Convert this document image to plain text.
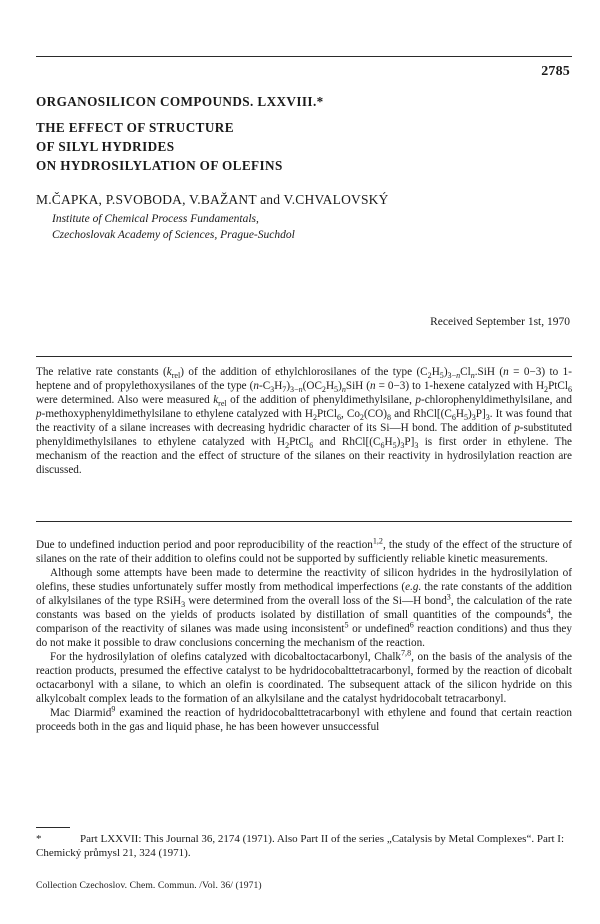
2785
ORGANOSILICON COMPOUNDS. LXXVIII.*
THE EFFECT OF STRUCTURE
OF SILYL HYDRIDES
ON HYDROSILYLATION OF OLEFINS
M.ČAPKA, P.SVOBODA, V.BAŽANT and V.CHVALOVSKÝ
Institute of Chemical Process Fundamentals,
Czechoslovak Academy of Sciences, Prague-Suchdol
Received September 1st, 1970

The relative rate constants $(k_{rel})$ of the addition of ethylchlorosilanes of the type $(C_2H_5)_{3-n}Cl_n.SiH$ (n = 0−3) to 1-heptene and of propylethoxysilanes of the type $(n-C_3H_7)_{3-n}(OC_2H_5)_nSiH$ (n = 0−3) to 1-hexene catalyzed with $H_2PtCl_6$ were determined. Also were measured $k_{rel}$ of the addition of phenyldimethylsilane, p-chlorophenyldimethylsilane, and p-methoxyphenyldimethylsilane to ethylene catalyzed with $H_2PtCl_6$, $Co_2(CO)_8$ and $RhCl[(C_6H_5)_3P]_3$. It was found that the reactivity of a silane increases with decreasing hydridic character of its Si—H bond. The addition of p-substituted phenyldimethylsilanes to ethylene catalyzed with $H_2PtCl_6$ and $RhCl[(C_6H_5)_3P]_3$ is first order in ethylene. The mechanism of the reaction and the effect of structure of the silanes on their reactivity in hydrosilylation reaction are discussed.

Due to undefined induction period and poor reproducibility of the reaction$^{1,2}$, the study of the effect of the structure of silanes on the rate of their addition to olefins could not be supported by sufficiently reliable kinetic measurements.

Although some attempts have been made to determine the reactivity of silicon hydrides in the hydrosilylation of olefins, these studies unfortunately suffer mostly from methodical imperfections (e.g. the rate constants of the addition of alkylsilanes of the type RSiH$_3$ were determined from the overall loss of the Si—H bond$^3$, the calculation of the rate constants was based on the yields of products isolated by distillation of small quantities of the compounds$^4$, the comparison of the reactivity of silanes was made using inconsistent$^5$ or undefined$^6$ reaction conditions) and thus they do not make it possible to draw conclusions concerning the mechanism of the reaction.

For the hydrosilylation of olefins catalyzed with dicobaltoctacarbonyl, Chalk$^{7,8}$, on the basis of the analysis of the reaction products, presumed the effective catalyst to be hydridocobalttetracarbonyl, formed by the reaction of dicobalt octacarbonyl with a silane, to which an olefin is coordinated. The subsequent attack of the silicon hydride on this alkylcobalt complex leads to the formation of an alkylsilane and the catalyst hydridocobalt tetracarbonyl.

Mac Diarmid$^9$ examined the reaction of hydridocobalttetracarbonyl with ethylene and found that certain reaction proceeds both in the gas and liquid phase, he has been however unsuccessful

*	Part LXXVII: This Journal 36, 2174 (1971). Also Part II of the series „Catalysis by Metal Complexes“. Part I: Chemický průmysl 21, 324 (1971).
Collection Czechoslov. Chem. Commun. /Vol. 36/ (1971)
